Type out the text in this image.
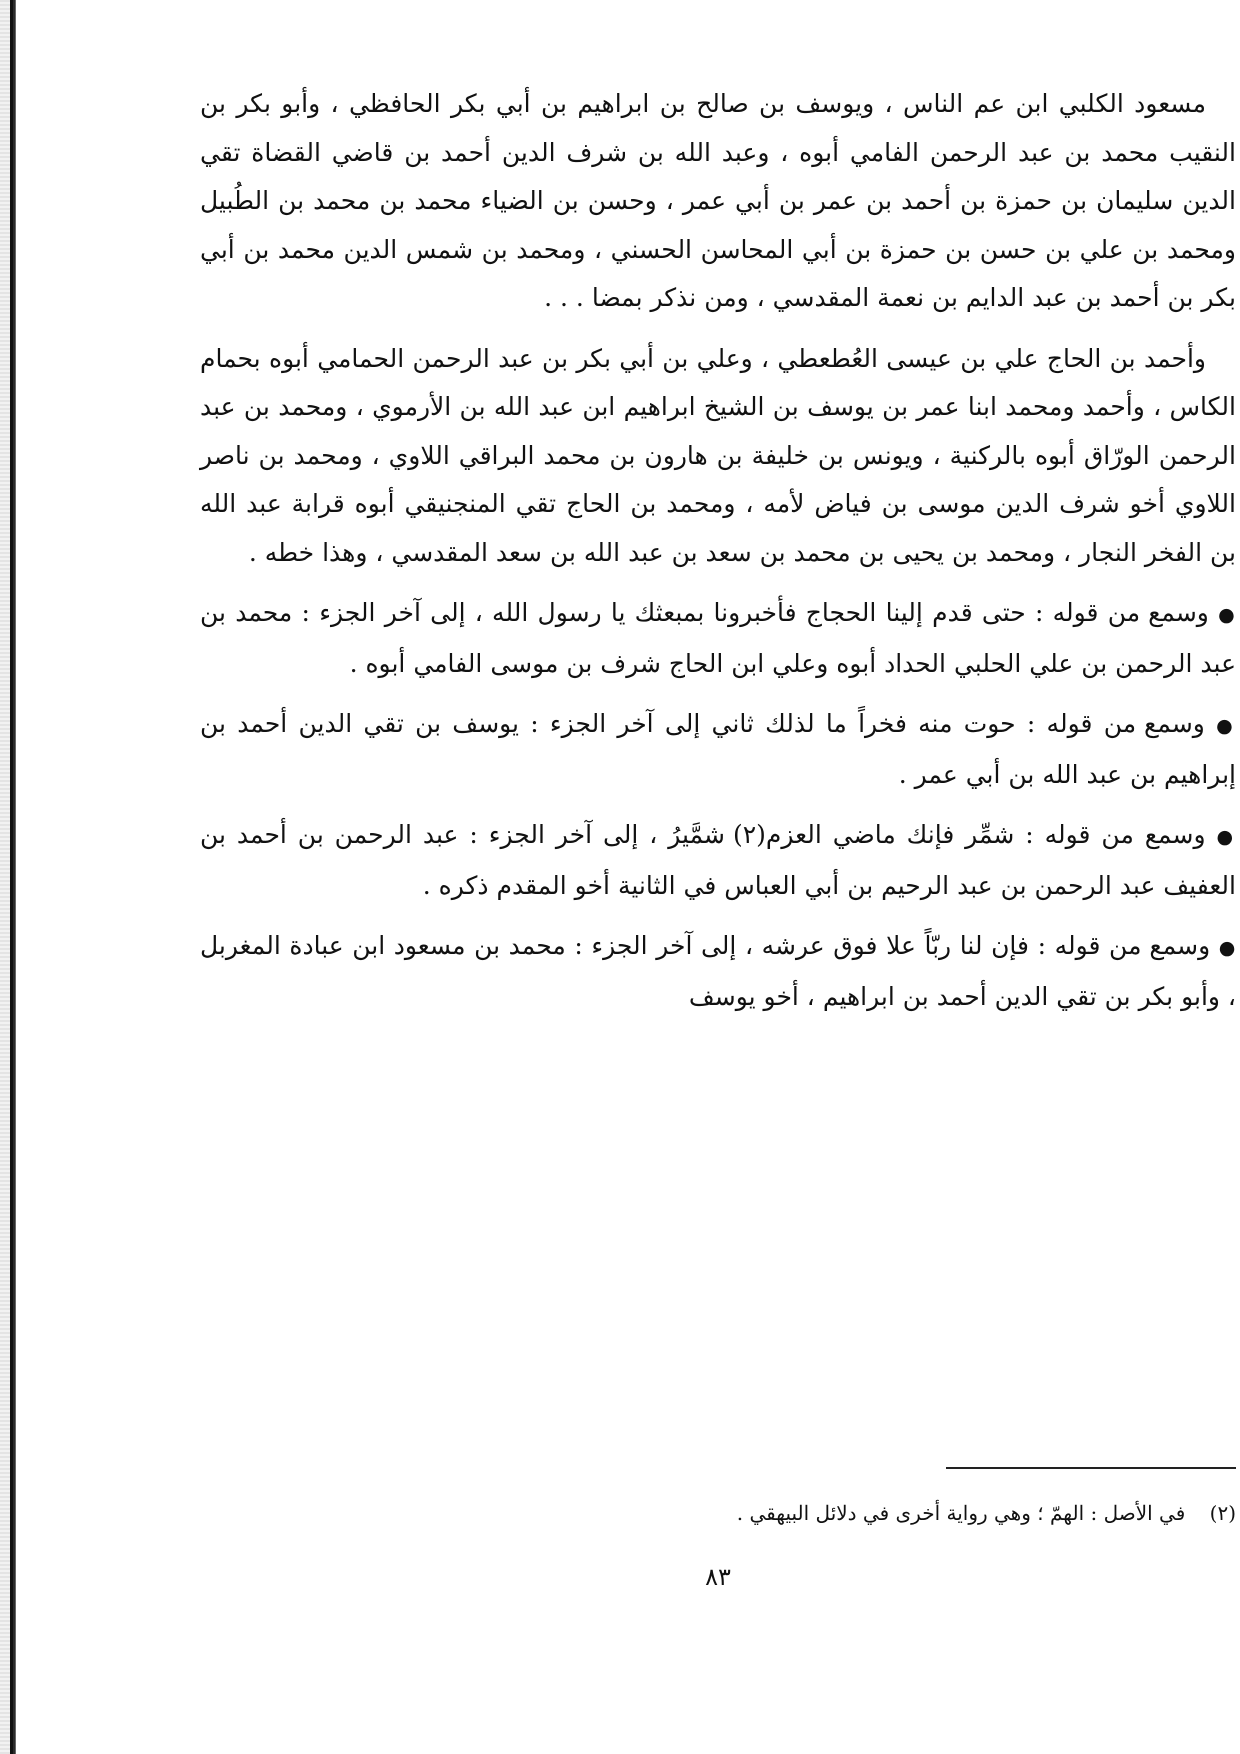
مسعود الكلبي ابن عم الناس ، ويوسف بن صالح بن ابراهيم بن أبي بكر الحافظي ، وأبو بكر بن النقيب محمد بن عبد الرحمن الفامي أبوه ، وعبد الله بن شرف الدين أحمد بن قاضي القضاة تقي الدين سليمان بن حمزة بن أحمد بن عمر بن أبي عمر ، وحسن بن الضياء محمد بن محمد بن الطُبيل ومحمد بن علي بن حسن بن حمزة بن أبي المحاسن الحسني ، ومحمد بن شمس الدين محمد بن أبي بكر بن أحمد بن عبد الدايم بن نعمة المقدسي ، ومن نذكر بمضا . . .

وأحمد بن الحاج علي بن عيسى العُطعطي ، وعلي بن أبي بكر بن عبد الرحمن الحمامي أبوه بحمام الكاس ، وأحمد ومحمد ابنا عمر بن يوسف بن الشيخ ابراهيم ابن عبد الله بن الأرموي ، ومحمد بن عبد الرحمن الورّاق أبوه بالركنية ، ويونس بن خليفة بن هارون بن محمد البراقي اللاوي ، ومحمد بن ناصر اللاوي أخو شرف الدين موسى بن فياض لأمه ، ومحمد بن الحاج تقي المنجنيقي أبوه قرابة عبد الله بن الفخر النجار ، ومحمد بن يحيى بن محمد بن سعد بن عبد الله بن سعد المقدسي ، وهذا خطه .

● وسمع من قوله : حتى قدم إلينا الحجاج فأخبرونا بمبعثك يا رسول الله ، إلى آخر الجزء : محمد بن عبد الرحمن بن علي الحلبي الحداد أبوه وعلي ابن الحاج شرف بن موسى الفامي أبوه .

● وسمع من قوله : حوت منه فخراً ما لذلك ثاني إلى آخر الجزء : يوسف بن تقي الدين أحمد بن إبراهيم بن عبد الله بن أبي عمر .

● وسمع من قوله : شمِّر فإنك ماضي العزم(٢) شمَّيرُ ، إلى آخر الجزء : عبد الرحمن بن أحمد بن العفيف عبد الرحمن بن عبد الرحيم بن أبي العباس في الثانية أخو المقدم ذكره .

● وسمع من قوله : فإن لنا ربّاً علا فوق عرشه ، إلى آخر الجزء : محمد بن مسعود ابن عبادة المغربل ، وأبو بكر بن تقي الدين أحمد بن ابراهيم ، أخو يوسف

(٢) في الأصل : الهمّ ؛ وهي رواية أخرى في دلائل البيهقي .
٨٣
